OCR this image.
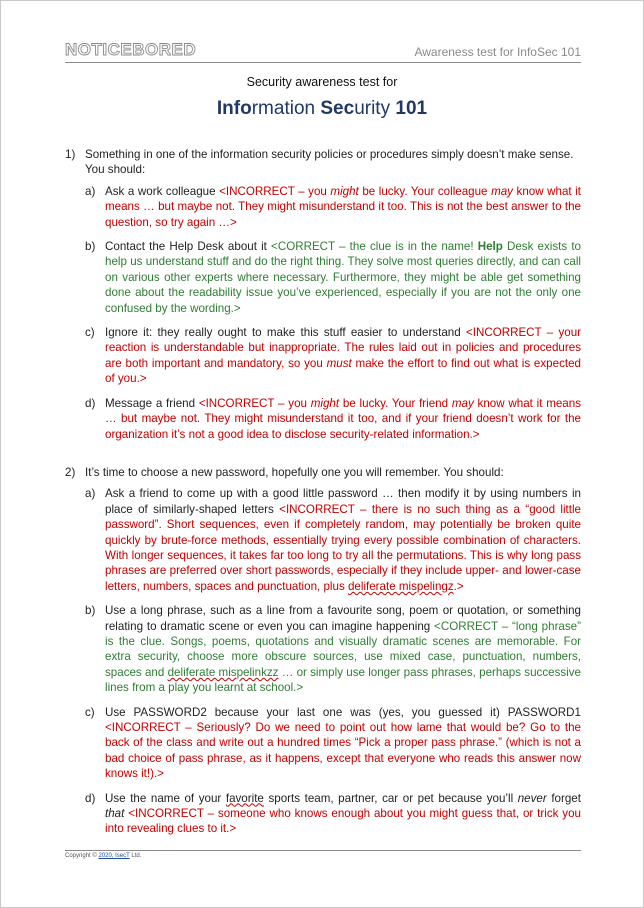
NOTICEBORED	Awareness test for InfoSec 101
Security awareness test for
Information Security 101
1) Something in one of the information security policies or procedures simply doesn’t make sense. You should:
a) Ask a work colleague <INCORRECT – you might be lucky. Your colleague may know what it means … but maybe not. They might misunderstand it too. This is not the best answer to the question, so try again …>
b) Contact the Help Desk about it <CORRECT – the clue is in the name! Help Desk exists to help us understand stuff and do the right thing. They solve most queries directly, and can call on various other experts where necessary. Furthermore, they might be able get something done about the readability issue you’ve experienced, especially if you are not the only one confused by the wording.>
c) Ignore it: they really ought to make this stuff easier to understand <INCORRECT – your reaction is understandable but inappropriate. The rules laid out in policies and procedures are both important and mandatory, so you must make the effort to find out what is expected of you.>
d) Message a friend <INCORRECT – you might be lucky. Your friend may know what it means … but maybe not. They might misunderstand it too, and if your friend doesn’t work for the organization it’s not a good idea to disclose security-related information.>
2) It’s time to choose a new password, hopefully one you will remember. You should:
a) Ask a friend to come up with a good little password … then modify it by using numbers in place of similarly-shaped letters <INCORRECT – there is no such thing as a “good little password”. Short sequences, even if completely random, may potentially be broken quite quickly by brute-force methods, essentially trying every possible combination of characters. With longer sequences, it takes far too long to try all the permutations. This is why long pass phrases are preferred over short passwords, especially if they include upper- and lower-case letters, numbers, spaces and punctuation, plus deliferate mispelingz.>
b) Use a long phrase, such as a line from a favourite song, poem or quotation, or something relating to dramatic scene or even you can imagine happening <CORRECT – “long phrase” is the clue. Songs, poems, quotations and visually dramatic scenes are memorable. For extra security, choose more obscure sources, use mixed case, punctuation, numbers, spaces and deliferate mispelinkzz … or simply use longer pass phrases, perhaps successive lines from a play you learnt at school.>
c) Use PASSWORD2 because your last one was (yes, you guessed it) PASSWORD1 <INCORRECT – Seriously? Do we need to point out how lame that would be? Go to the back of the class and write out a hundred times “Pick a proper pass phrase.” (which is not a bad choice of pass phrase, as it happens, except that everyone who reads this answer now knows it!).>
d) Use the name of your favorite sports team, partner, car or pet because you’ll never forget that <INCORRECT – someone who knows enough about you might guess that, or trick you into revealing clues to it.>
Copyright © 2020, IsecT Ltd.
